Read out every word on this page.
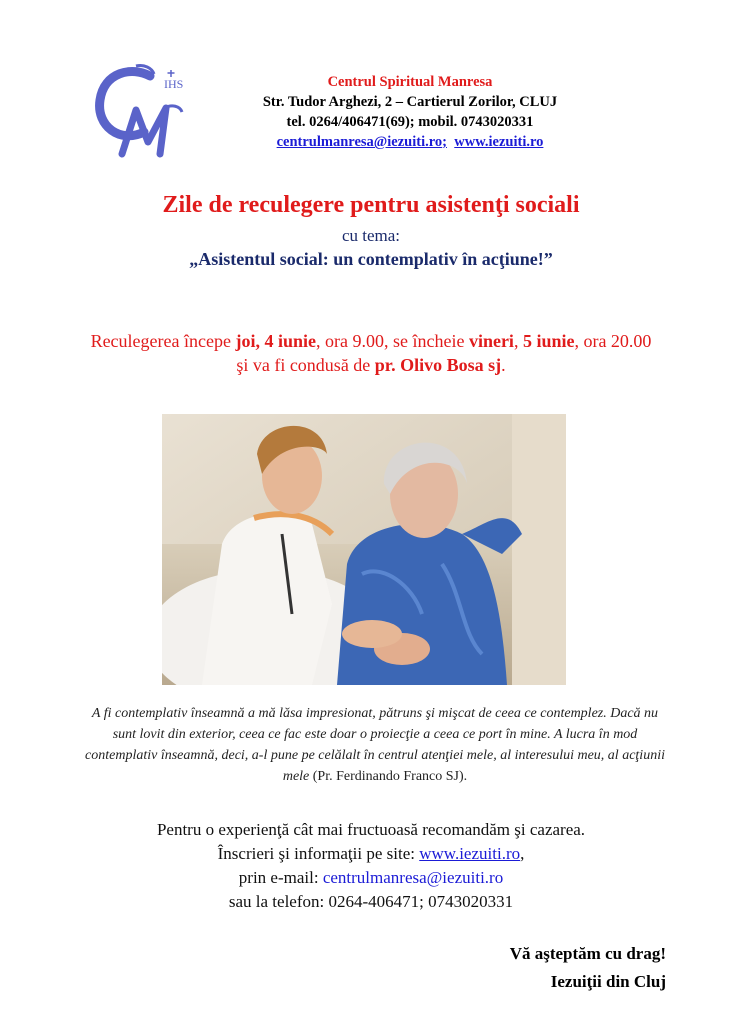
IHS	Centrul Spiritual Manresa
Str. Tudor Arghezi, 2 – Cartierul Zorilor, CLUJ
tel. 0264/406471(69); mobil. 0743020331
centrulmanresa@iezuiti.ro; www.iezuiti.ro
Zile de reculegere pentru asistenţi sociali
cu tema:
„Asistentul social: un contemplativ în acţiune!”
Reculegerea începe joi, 4 iunie, ora 9.00, se încheie vineri, 5 iunie, ora 20.00
şi va fi condusă de pr. Olivo Bosa sj.
A fi contemplativ înseamnă a mă lăsa impresionat, pătruns şi mişcat de ceea ce contemplez. Dacă nu sunt lovit din exterior, ceea ce fac este doar o proiecţie a ceea ce port în mine. A lucra în mod contemplativ înseamnă, deci, a-l pune pe celălalt în centrul atenţiei mele, al interesului meu, al acţiunii mele (Pr. Ferdinando Franco SJ).
Pentru o experienţă cât mai fructuoasă recomandăm şi cazarea.
Înscrieri şi informaţii pe site: www.iezuiti.ro,
prin e-mail: centrulmanresa@iezuiti.ro
sau la telefon: 0264-406471; 0743020331
Vă aşteptăm cu drag!
Iezuiţii din Cluj
